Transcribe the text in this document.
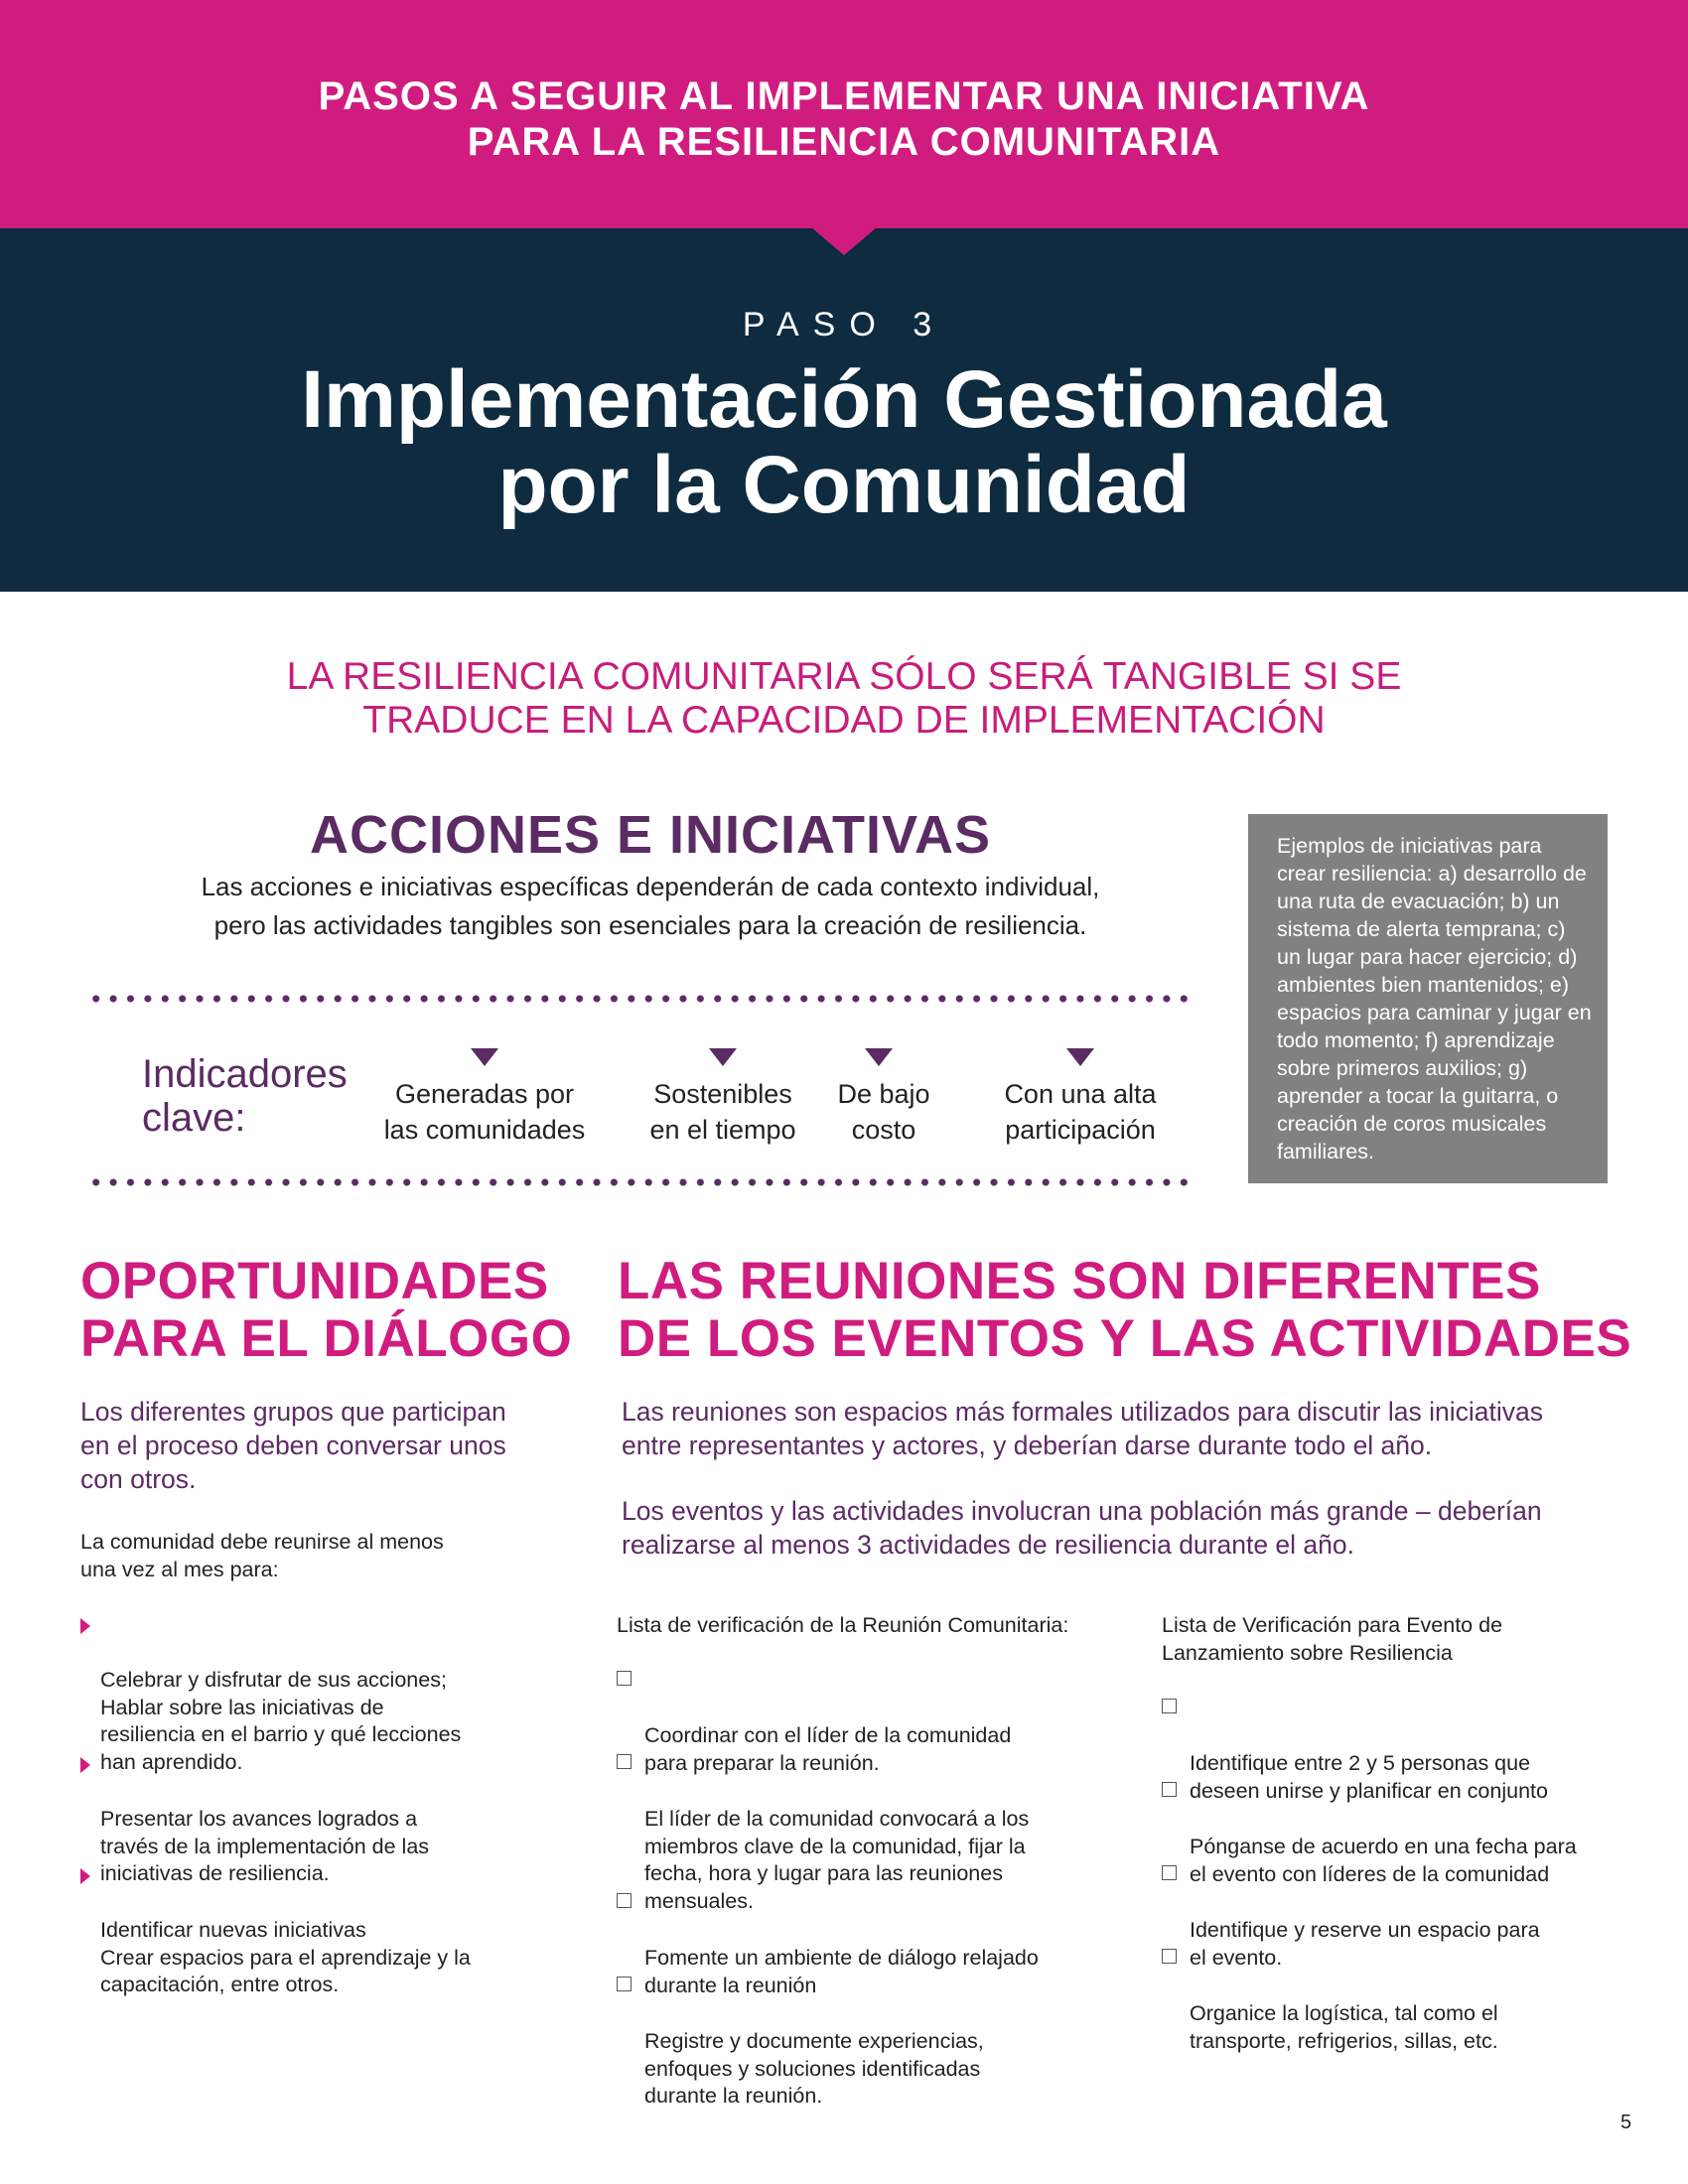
PASOS A SEGUIR AL IMPLEMENTAR UNA INICIATIVA
PARA LA RESILIENCIA COMUNITARIA
PASO 3
Implementación Gestionada
por la Comunidad
LA RESILIENCIA COMUNITARIA SÓLO SERÁ TANGIBLE SI SE
TRADUCE EN LA CAPACIDAD DE IMPLEMENTACIÓN
ACCIONES E INICIATIVAS
Las acciones e iniciativas específicas dependerán de cada contexto individual,
pero las actividades tangibles son esenciales para la creación de resiliencia.
Indicadores
clave:
Generadas por
las comunidades
Sostenibles
en el tiempo
De bajo
costo
Con una alta
participación
Ejemplos de iniciativas para crear resiliencia: a) desarrollo de una ruta de evacuación; b) un sistema de alerta temprana; c) un lugar para hacer ejercicio; d) ambientes bien mantenidos; e) espacios para caminar y jugar en todo momento; f) aprendizaje sobre primeros auxilios; g) aprender a tocar la guitarra, o creación de coros musicales familiares.
OPORTUNIDADES
PARA EL DIÁLOGO
Los diferentes grupos que participan
en el proceso deben conversar unos
con otros.
La comunidad debe reunirse al menos
una vez al mes para:

Celebrar y disfrutar de sus acciones;
Hablar sobre las iniciativas de
resiliencia en el barrio y qué lecciones
han aprendido.

Presentar los avances logrados a
través de la implementación de las
iniciativas de resiliencia.

Identificar nuevas iniciativas
Crear espacios para el aprendizaje y la
capacitación, entre otros.

LAS REUNIONES SON DIFERENTES
DE LOS EVENTOS Y LAS ACTIVIDADES
Las reuniones son espacios más formales utilizados para discutir las iniciativas
entre representantes y actores, y deberían darse durante todo el año.
Los eventos y las actividades involucran una población más grande – deberían
realizarse al menos 3 actividades de resiliencia durante el año.
Lista de verificación de la Reunión Comunitaria:

Coordinar con el líder de la comunidad
para preparar la reunión.

El líder de la comunidad convocará a los
miembros clave de la comunidad, fijar la
fecha, hora y lugar para las reuniones
mensuales.

Fomente un ambiente de diálogo relajado
durante la reunión

Registre y documente experiencias,
enfoques y soluciones identificadas
durante la reunión.

Lista de Verificación para Evento de
Lanzamiento sobre Resiliencia

Identifique entre 2 y 5 personas que
deseen unirse y planificar en conjunto

Pónganse de acuerdo en una fecha para
el evento con líderes de la comunidad

Identifique y reserve un espacio para
el evento.

Organice la logística, tal como el
transporte, refrigerios, sillas, etc.

5
